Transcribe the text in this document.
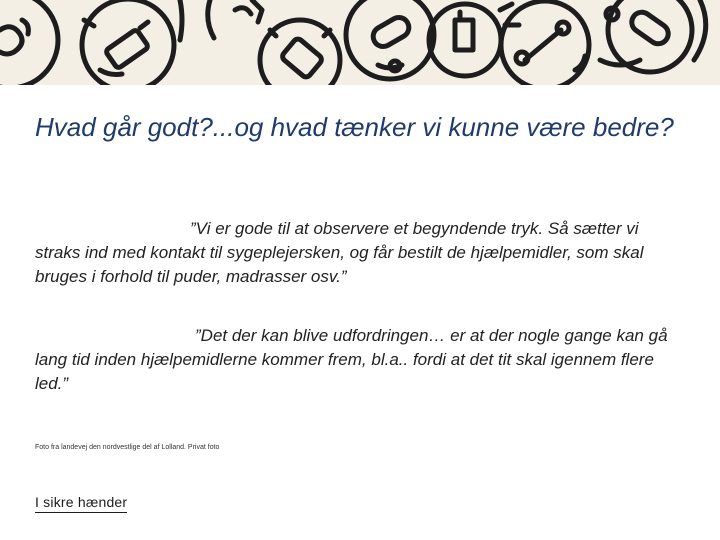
Hvad går godt?...og hvad tænker vi kunne være bedre?

”Vi er gode til at observere et begyndende tryk. Så sætter vi straks ind med kontakt til sygeplejersken, og får bestilt de hjælpemidler, som skal bruges i forhold til puder, madrasser osv.”

”Det der kan blive udfordringen… er at der nogle gange kan gå lang tid inden hjælpemidlerne kommer frem, bl.a.. fordi at det tit skal igennem flere led.”

Foto fra landevej den nordvestlige del af Lolland. Privat foto

I sikre hænder
